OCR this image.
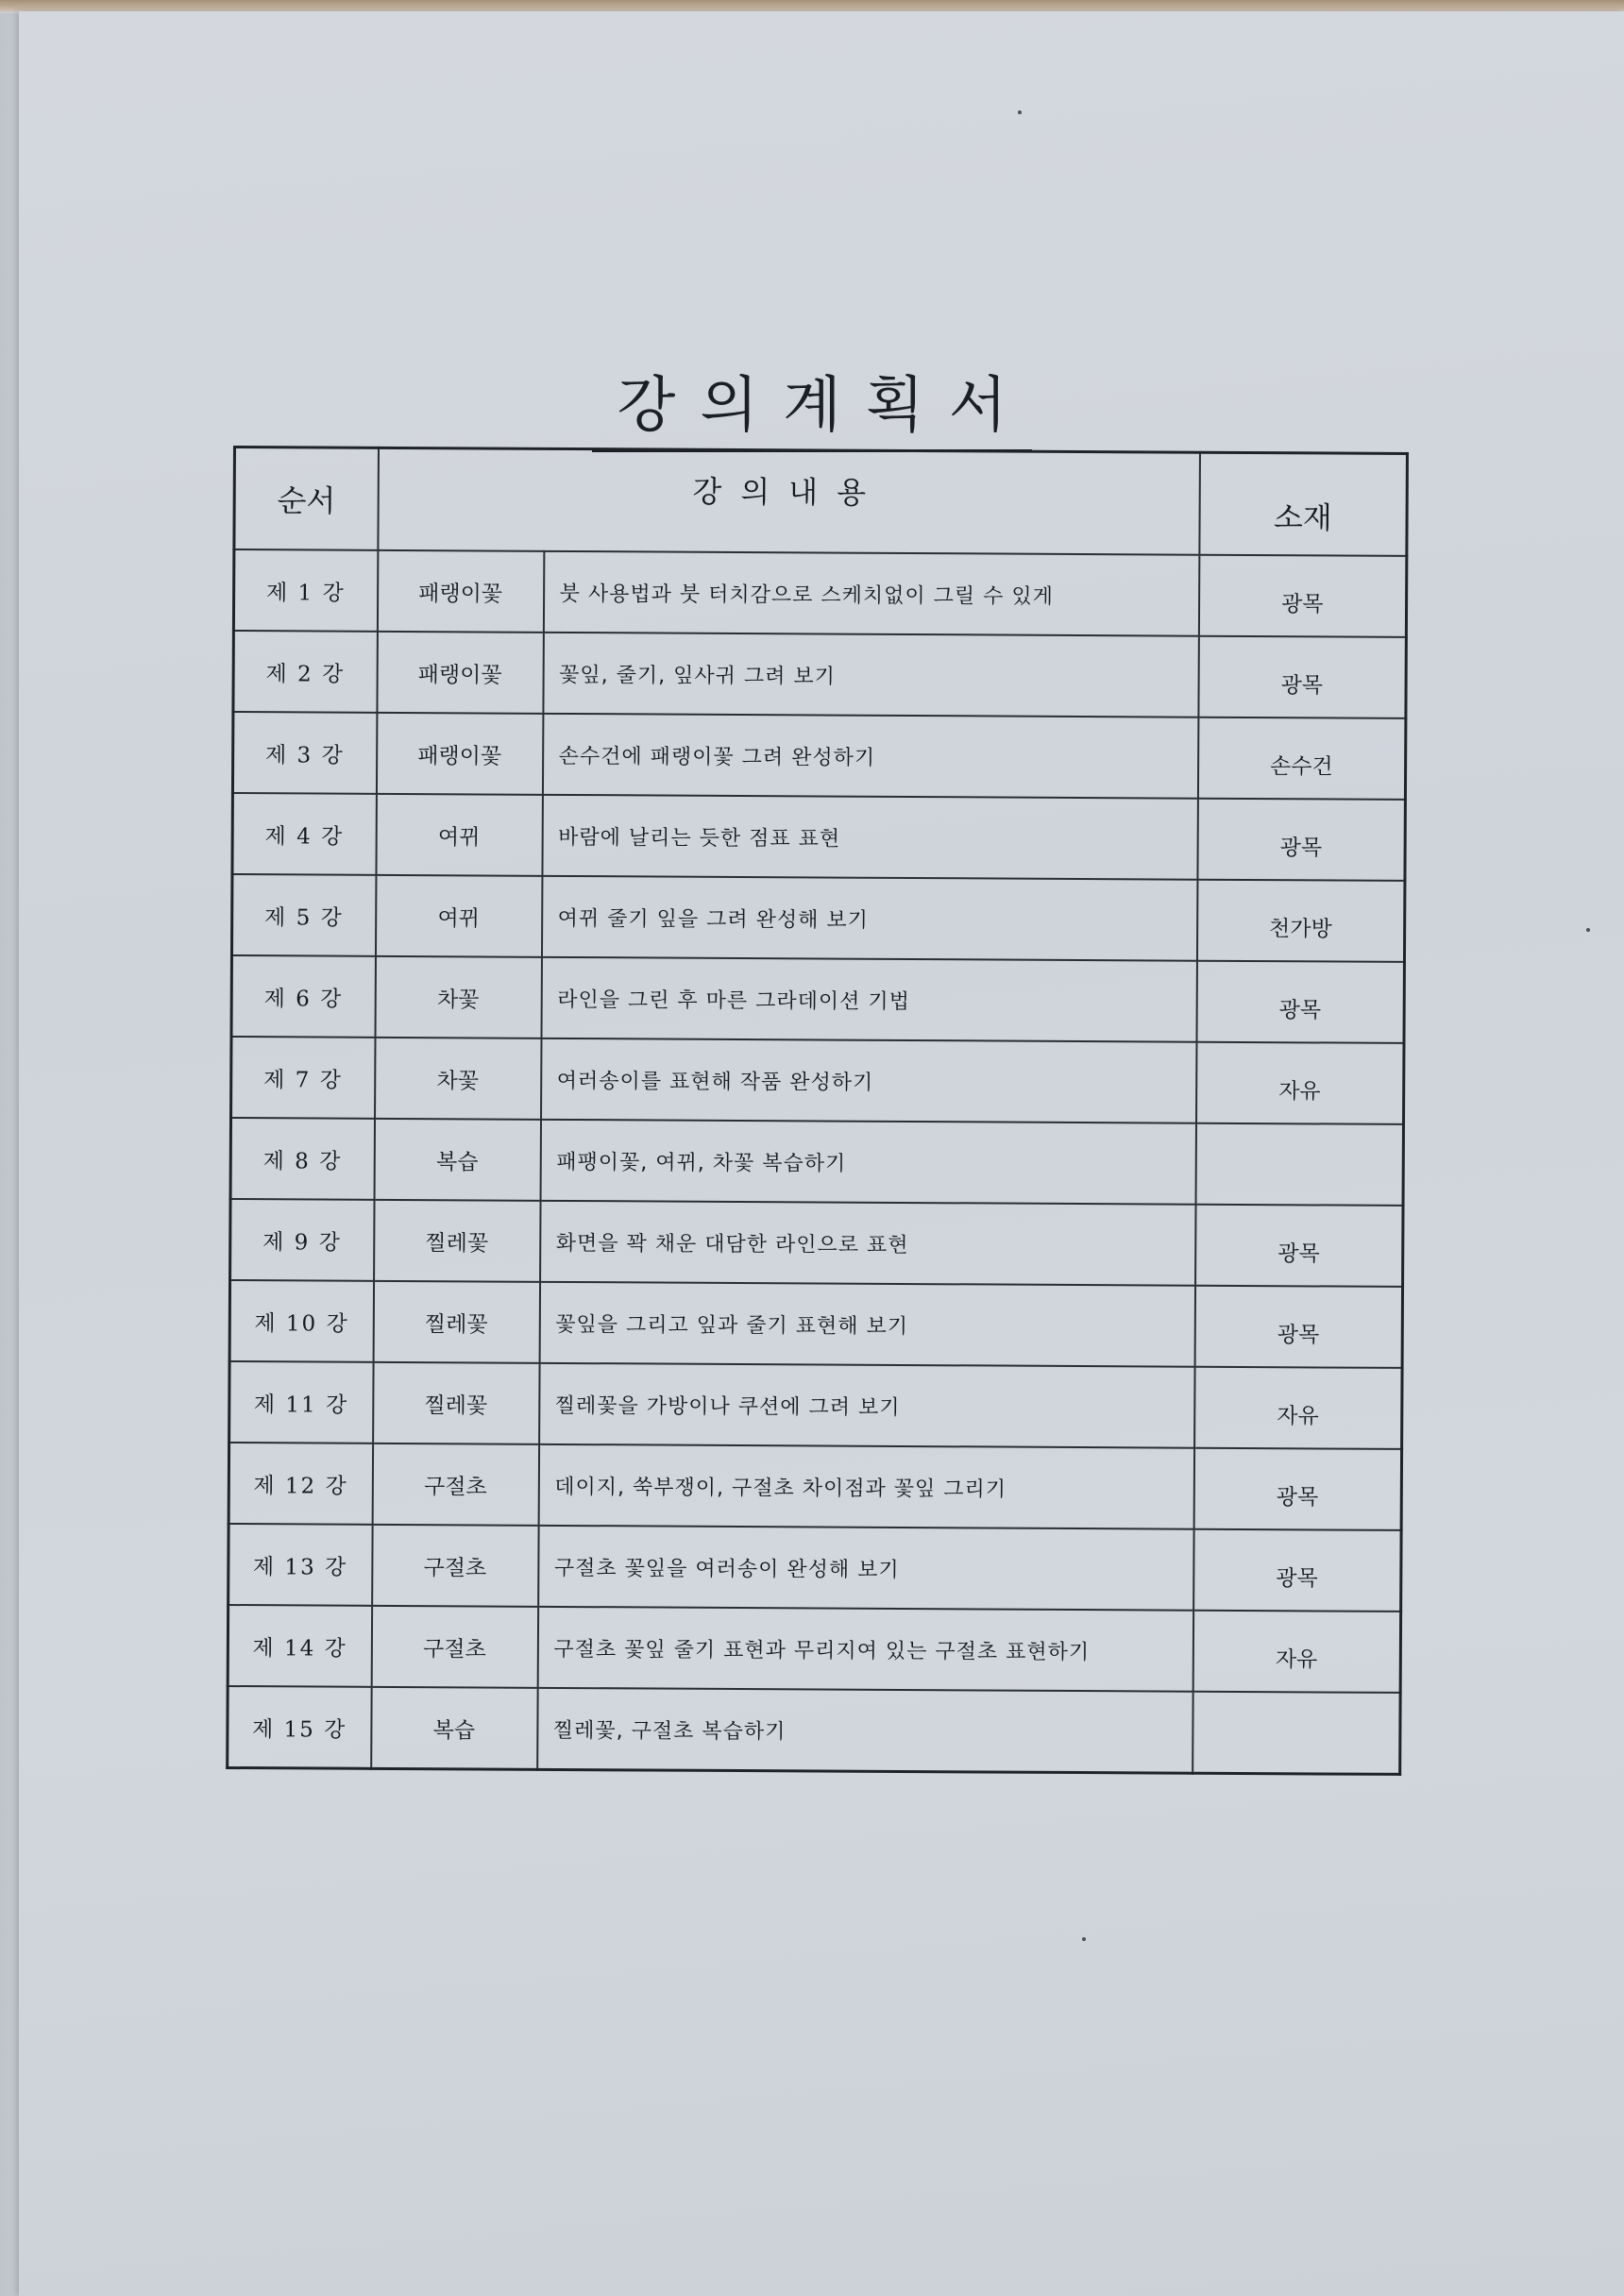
강의계획서
순서	강의내용		소재
제 1 강	패랭이꽃	붓 사용법과 붓 터치감으로 스케치없이 그릴 수 있게	광목
제 2 강	패랭이꽃	꽃잎, 줄기, 잎사귀 그려 보기	광목
제 3 강	패랭이꽃	손수건에 패랭이꽃 그려 완성하기	손수건
제 4 강	여뀌	바람에 날리는 듯한 점표 표현	광목
제 5 강	여뀌	여뀌 줄기 잎을 그려 완성해 보기	천가방
제 6 강	차꽃	라인을 그린 후 마른 그라데이션 기법	광목
제 7 강	차꽃	여러송이를 표현해 작품 완성하기	자유
제 8 강	복습	패팽이꽃, 여뀌, 차꽃 복습하기	
제 9 강	찔레꽃	화면을 꽉 채운 대담한 라인으로 표현	광목
제 10 강	찔레꽃	꽃잎을 그리고 잎과 줄기 표현해 보기	광목
제 11 강	찔레꽃	찔레꽃을 가방이나 쿠션에 그려 보기	자유
제 12 강	구절초	데이지, 쑥부쟁이, 구절초 차이점과 꽃잎 그리기	광목
제 13 강	구절초	구절초 꽃잎을 여러송이 완성해 보기	광목
제 14 강	구절초	구절초 꽃잎 줄기 표현과 무리지여 있는 구절초 표현하기	자유
제 15 강	복습	찔레꽃, 구절초 복습하기	
